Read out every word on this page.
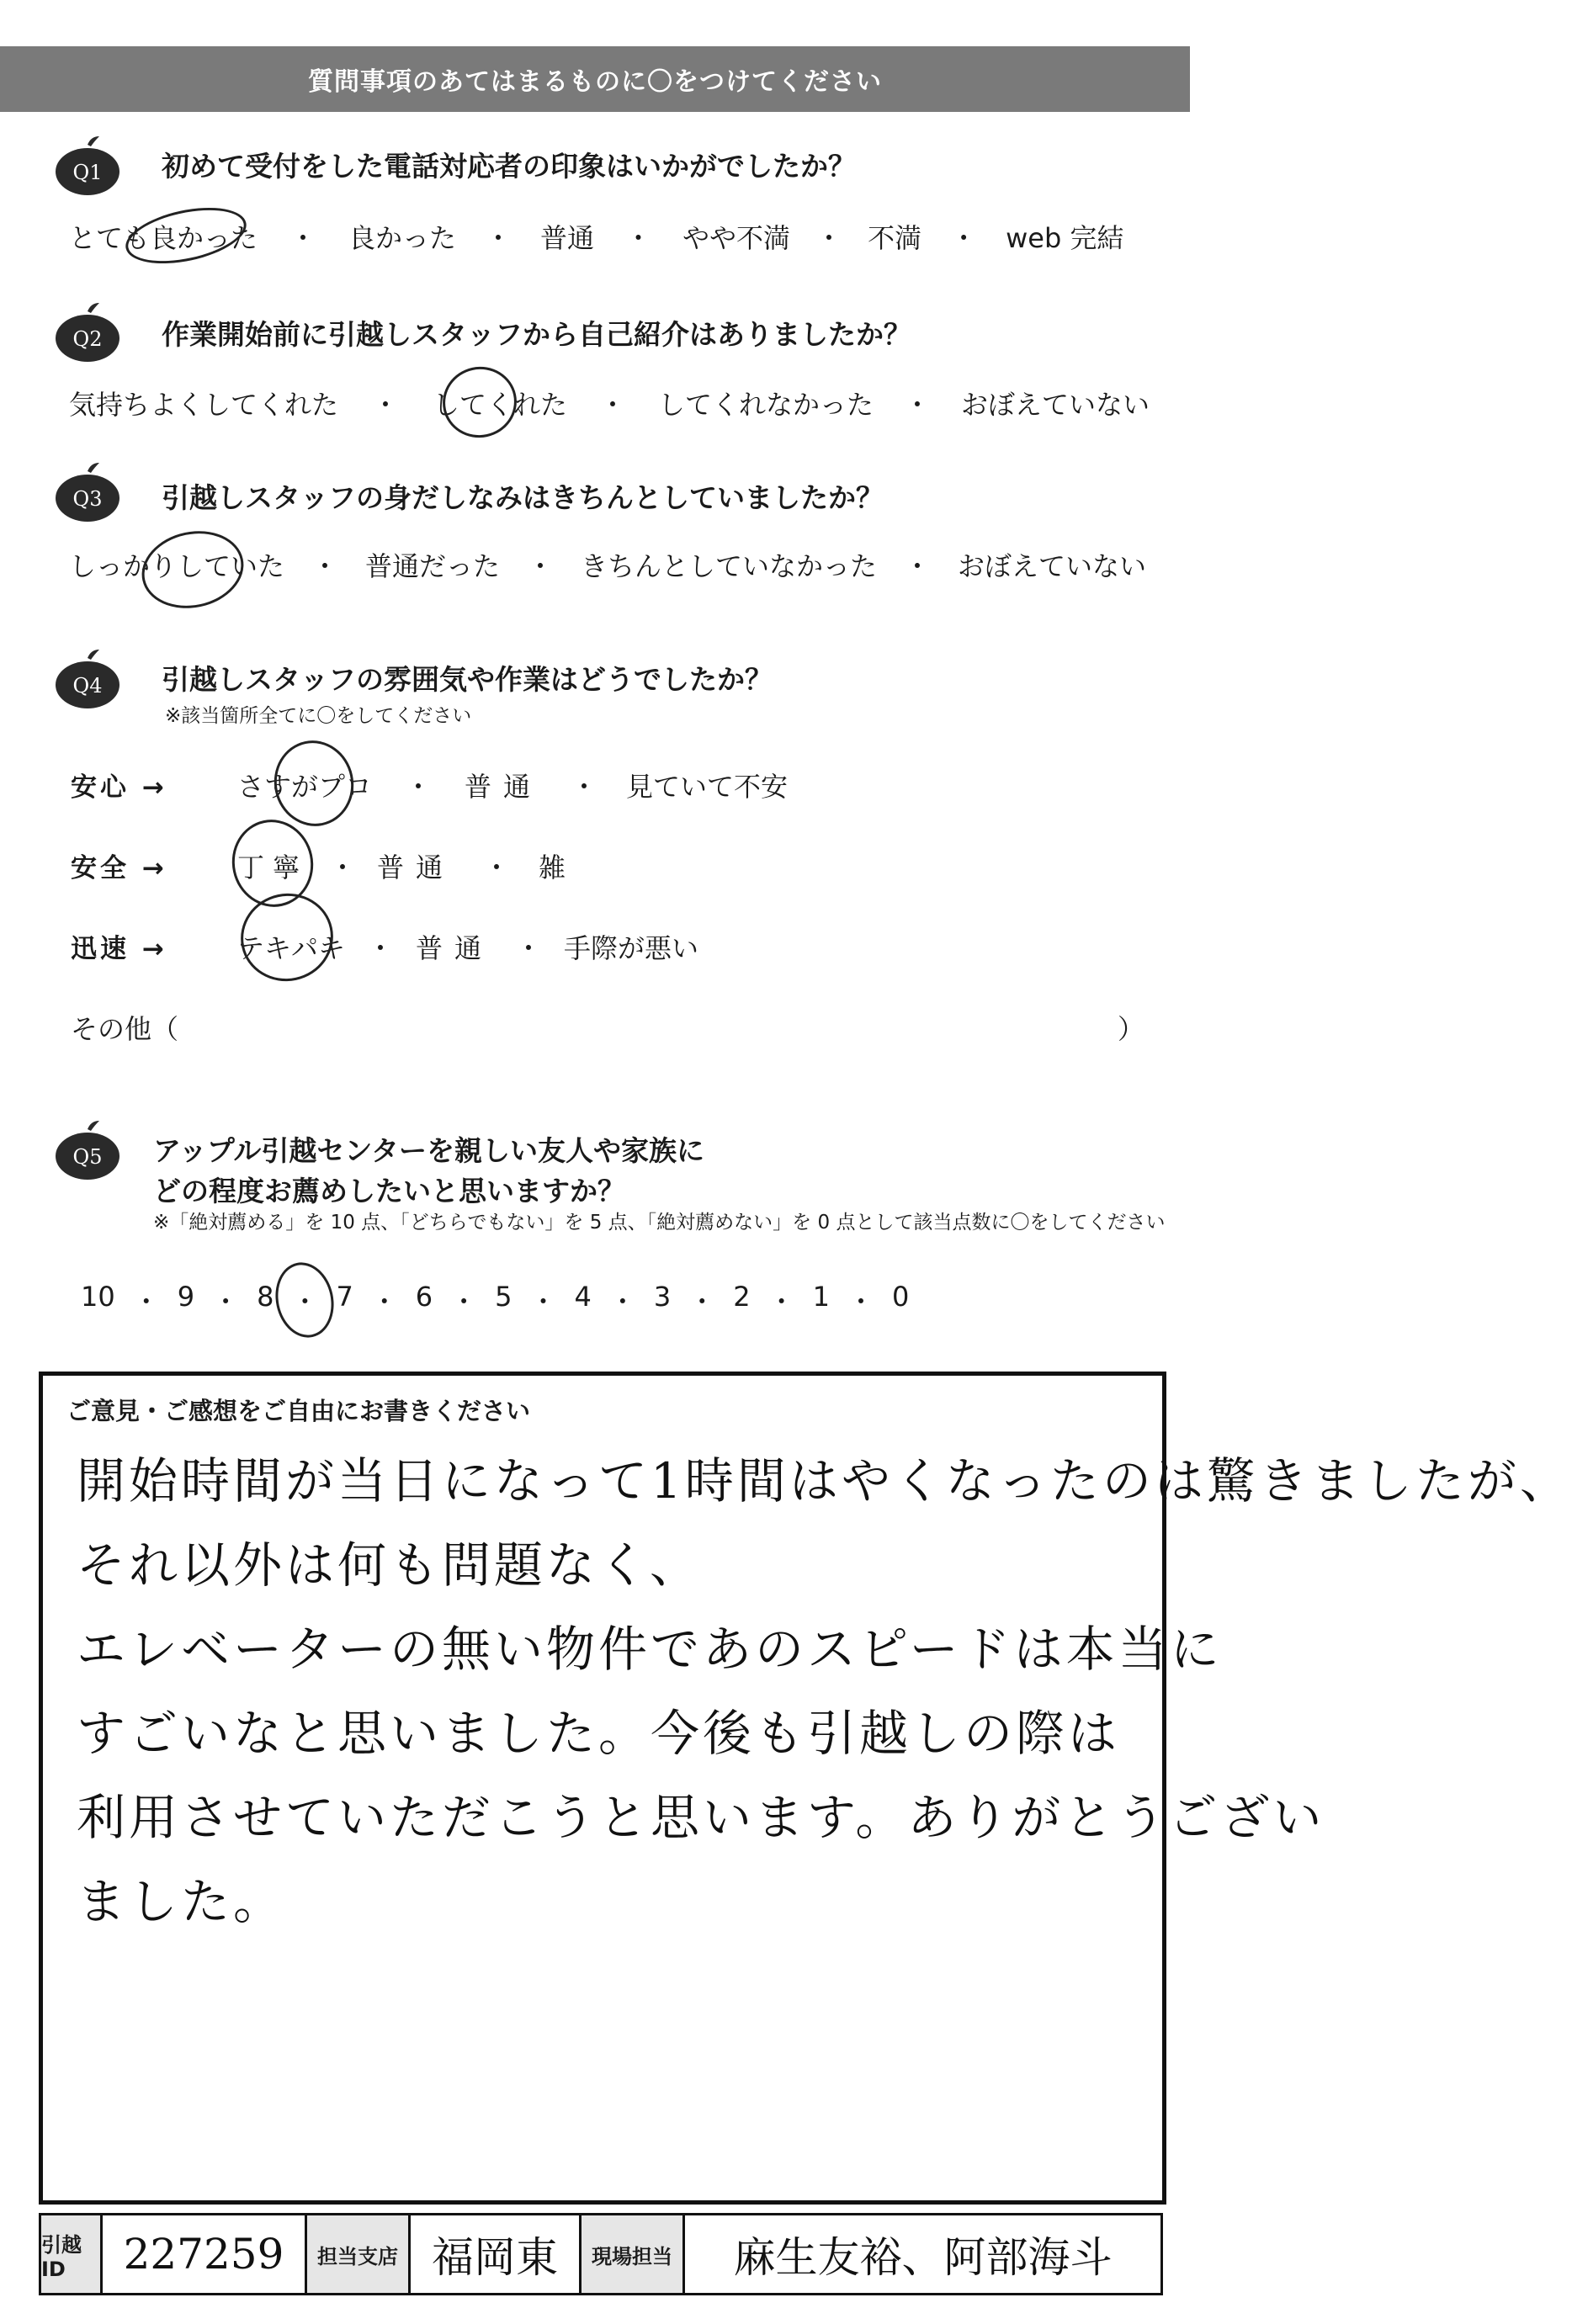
質問事項のあてはまるものに〇をつけてください
Q1 初めて受付をした電話対応者の印象はいかがでしたか？
とても良かった	・	良かった	・	普通	・	やや不満 ・ 不満	・	web 完結
Q2 作業開始前に引越しスタッフから自己紹介はありましたか？
気持ちよくしてくれた	・	してくれた	・	してくれなかった	・	おぼえていない
Q3 引越しスタッフの身だしなみはきちんとしていましたか？
しっかりしていた ・	普通だった ・	きちんとしていなかった ・	おぼえていない
Q4 引越しスタッフの雰囲気や作業はどうでしたか？
※該当箇所全てに〇をしてください
安心 →	さすがプロ	・	普通	・	見ていて不安
安全 →	丁寧 ・ 普通	・	雑
迅速 →	テキパキ ・ 普通 ・ 手際が悪い
その他（	）
Q5 アップル引越センターを親しい友人や家族に
どの程度お薦めしたいと思いますか？
※「絶対薦める」を 10 点、「どちらでもない」を 5 点、「絶対薦めない」を 0 点として該当点数に〇をしてください
10 ・ 9 ・ 8 ・ 7 ・ 6 ・ 5 ・ 4 ・ 3 ・ 2 ・ 1 ・ 0
ご意見・ご感想をご自由にお書きください
開始時間が当日になって1時間はやくなったのは驚きましたが、
それ以外は何も問題なく、
エレベーターの無い物件であのスピードは本当に
すごいなと思いました。今後も引越しの際は
利用させていただこうと思います。ありがとうござい
ました。
引越 ID	227259	担当支店 福岡東	現場担当	麻生友裕、阿部海斗
